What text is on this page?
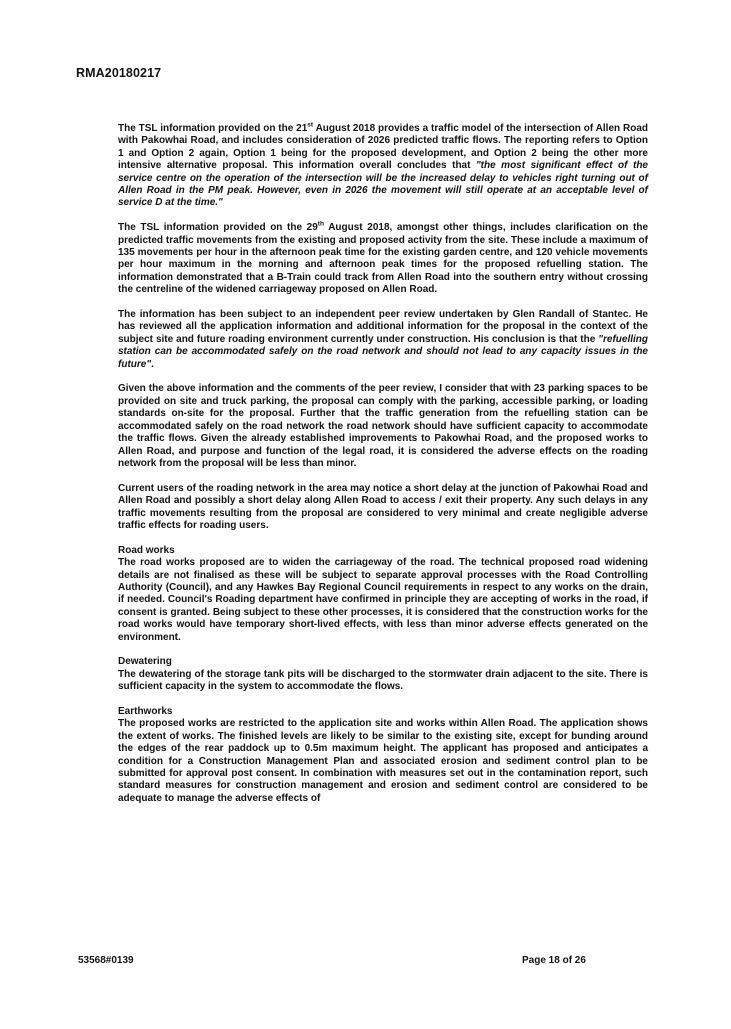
RMA20180217

The TSL information provided on the 21st August 2018 provides a traffic model of the intersection of Allen Road with Pakowhai Road, and includes consideration of 2026 predicted traffic flows. The reporting refers to Option 1 and Option 2 again, Option 1 being for the proposed development, and Option 2 being the other more intensive alternative proposal. This information overall concludes that "the most significant effect of the service centre on the operation of the intersection will be the increased delay to vehicles right turning out of Allen Road in the PM peak. However, even in 2026 the movement will still operate at an acceptable level of service D at the time."

The TSL information provided on the 29th August 2018, amongst other things, includes clarification on the predicted traffic movements from the existing and proposed activity from the site. These include a maximum of 135 movements per hour in the afternoon peak time for the existing garden centre, and 120 vehicle movements per hour maximum in the morning and afternoon peak times for the proposed refuelling station. The information demonstrated that a B-Train could track from Allen Road into the southern entry without crossing the centreline of the widened carriageway proposed on Allen Road.

The information has been subject to an independent peer review undertaken by Glen Randall of Stantec. He has reviewed all the application information and additional information for the proposal in the context of the subject site and future roading environment currently under construction. His conclusion is that the "refuelling station can be accommodated safely on the road network and should not lead to any capacity issues in the future".

Given the above information and the comments of the peer review, I consider that with 23 parking spaces to be provided on site and truck parking, the proposal can comply with the parking, accessible parking, or loading standards on-site for the proposal. Further that the traffic generation from the refuelling station can be accommodated safely on the road network the road network should have sufficient capacity to accommodate the traffic flows. Given the already established improvements to Pakowhai Road, and the proposed works to Allen Road, and purpose and function of the legal road, it is considered the adverse effects on the roading network from the proposal will be less than minor.

Current users of the roading network in the area may notice a short delay at the junction of Pakowhai Road and Allen Road and possibly a short delay along Allen Road to access / exit their property. Any such delays in any traffic movements resulting from the proposal are considered to very minimal and create negligible adverse traffic effects for roading users.

Road works

The road works proposed are to widen the carriageway of the road. The technical proposed road widening details are not finalised as these will be subject to separate approval processes with the Road Controlling Authority (Council), and any Hawkes Bay Regional Council requirements in respect to any works on the drain, if needed. Council's Roading department have confirmed in principle they are accepting of works in the road, if consent is granted. Being subject to these other processes, it is considered that the construction works for the road works would have temporary short-lived effects, with less than minor adverse effects generated on the environment.

Dewatering

The dewatering of the storage tank pits will be discharged to the stormwater drain adjacent to the site. There is sufficient capacity in the system to accommodate the flows.

Earthworks

The proposed works are restricted to the application site and works within Allen Road. The application shows the extent of works. The finished levels are likely to be similar to the existing site, except for bunding around the edges of the rear paddock up to 0.5m maximum height. The applicant has proposed and anticipates a condition for a Construction Management Plan and associated erosion and sediment control plan to be submitted for approval post consent. In combination with measures set out in the contamination report, such standard measures for construction management and erosion and sediment control are considered to be adequate to manage the adverse effects of

53568#0139	Page 18 of 26
